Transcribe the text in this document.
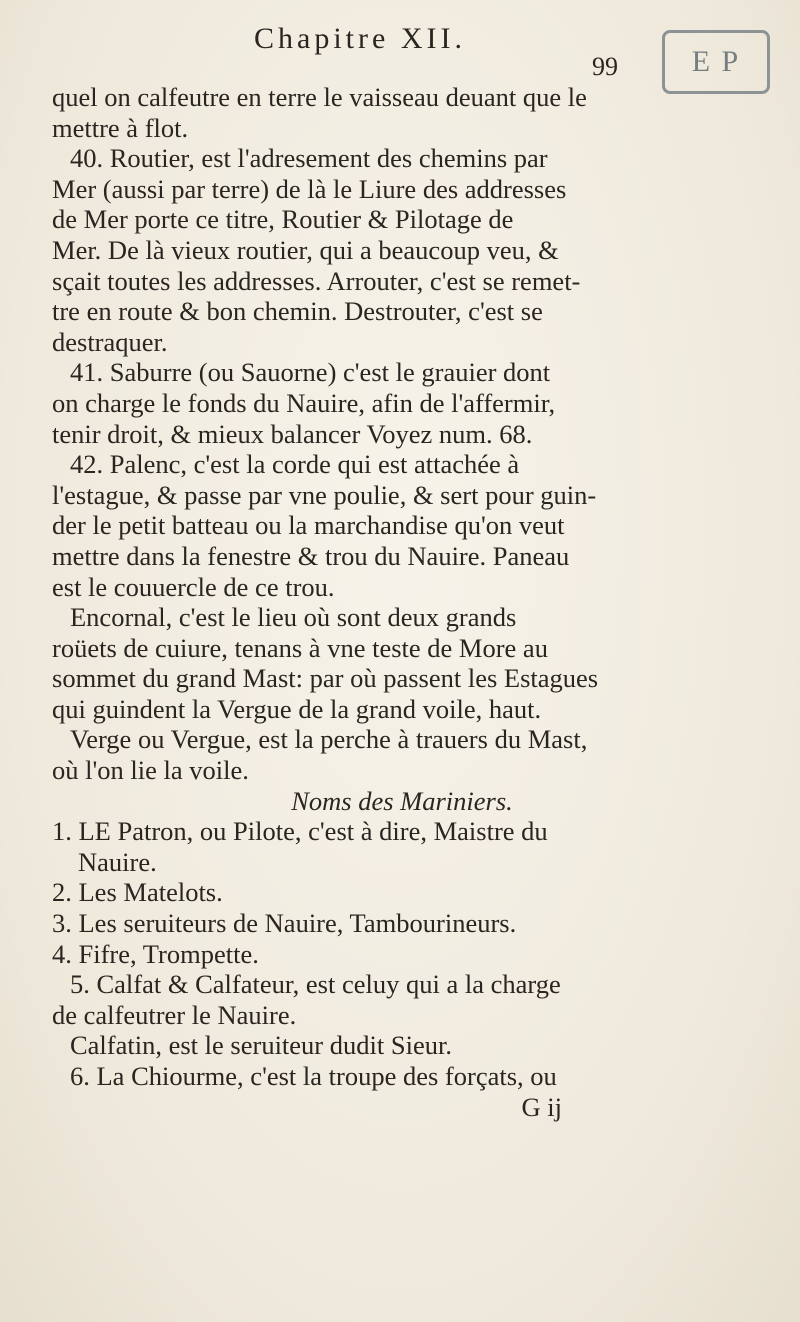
Chapitre XII.
99 E P
quel on calfeutre en terre le vaisseau deuant que le
mettre à flot.
40. Routier, est l'adresement des chemins par
Mer (aussi par terre) de là le Liure des addresses
de Mer porte ce titre, Routier & Pilotage de
Mer. De là vieux routier, qui a beaucoup veu, &
sçait toutes les addresses. Arrouter, c'est se remet-
tre en route & bon chemin. Destrouter, c'est se
destraquer.
41. Saburre (ou Sauorne) c'est le grauier dont
on charge le fonds du Nauire, afin de l'affermir,
tenir droit, & mieux balancer Voyez num. 68.
42. Palenc, c'est la corde qui est attachée à
l'estague, & passe par vne poulie, & sert pour guin-
der le petit batteau ou la marchandise qu'on veut
mettre dans la fenestre & trou du Nauire. Paneau
est le couuercle de ce trou.
Encornal, c'est le lieu où sont deux grands
roüets de cuiure, tenans à vne teste de More au
sommet du grand Mast: par où passent les Estagues
qui guindent la Vergue de la grand voile, haut.
Verge ou Vergue, est la perche à trauers du Mast,
où l'on lie la voile.
Noms des Mariniers.
1. LE Patron, ou Pilote, c'est à dire, Maistre du
Nauire.
2. Les Matelots.
3. Les seruiteurs de Nauire, Tambourineurs.
4. Fifre, Trompette.
5. Calfat & Calfateur, est celuy qui a la charge
de calfeutrer le Nauire.
Calfatin, est le seruiteur dudit Sieur.
6. La Chiourme, c'est la troupe des forçats, ou
G ij
